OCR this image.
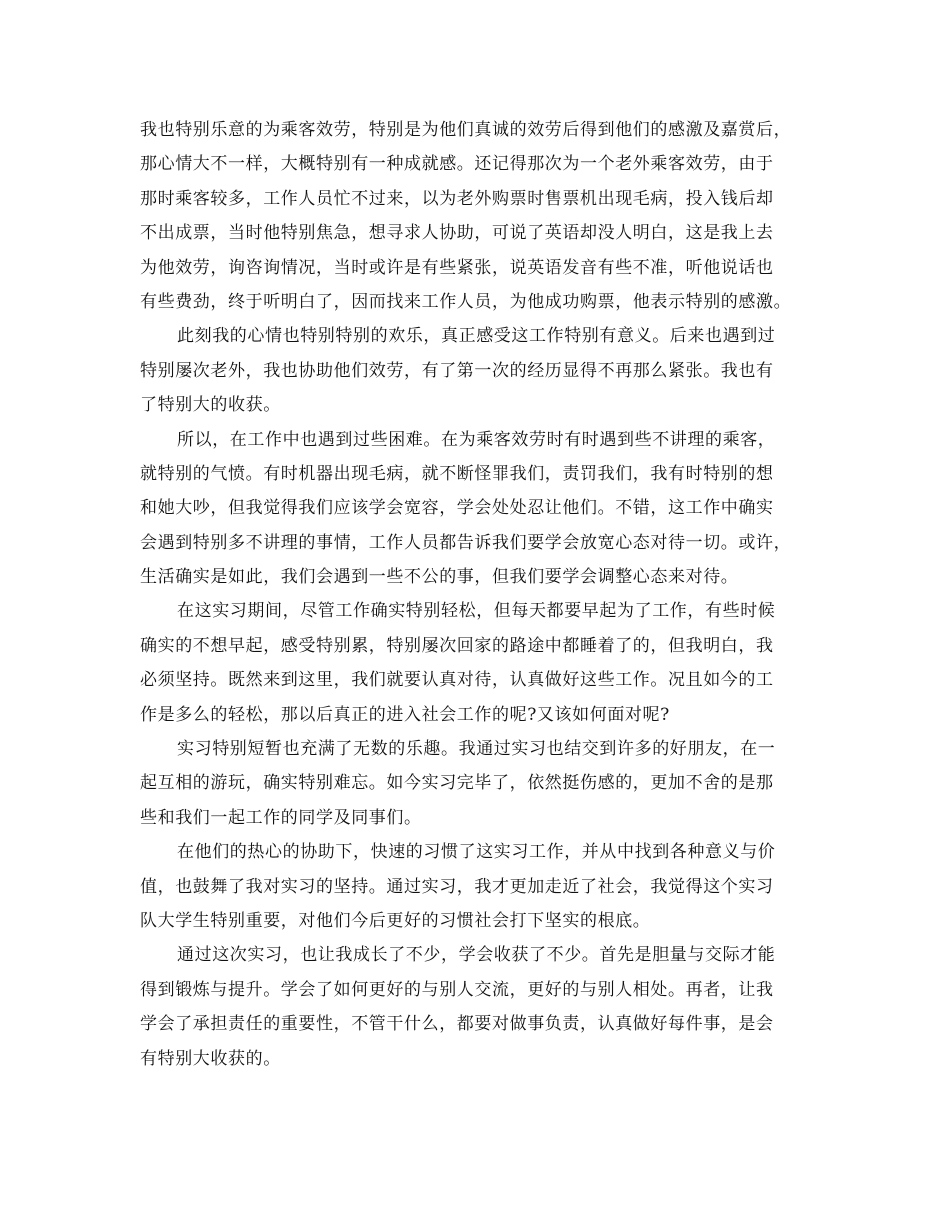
我也特别乐意的为乘客效劳，特别是为他们真诚的效劳后得到他们的感激及嘉赏后，
那心情大不一样，大概特别有一种成就感。还记得那次为一个老外乘客效劳，由于
那时乘客较多，工作人员忙不过来，以为老外购票时售票机出现毛病，投入钱后却
不出成票，当时他特别焦急，想寻求人协助，可说了英语却没人明白，这是我上去
为他效劳，询咨询情况，当时或许是有些紧张，说英语发音有些不准，听他说话也
有些费劲，终于听明白了，因而找来工作人员，为他成功购票，他表示特别的感激。
此刻我的心情也特别特别的欢乐，真正感受这工作特别有意义。后来也遇到过
特别屡次老外，我也协助他们效劳，有了第一次的经历显得不再那么紧张。我也有
了特别大的收获。
所以，在工作中也遇到过些困难。在为乘客效劳时有时遇到些不讲理的乘客，
就特别的气愤。有时机器出现毛病，就不断怪罪我们，责罚我们，我有时特别的想
和她大吵，但我觉得我们应该学会宽容，学会处处忍让他们。不错，这工作中确实
会遇到特别多不讲理的事情，工作人员都告诉我们要学会放宽心态对待一切。或许，
生活确实是如此，我们会遇到一些不公的事，但我们要学会调整心态来对待。
在这实习期间，尽管工作确实特别轻松，但每天都要早起为了工作，有些时候
确实的不想早起，感受特别累，特别屡次回家的路途中都睡着了的，但我明白，我
必须坚持。既然来到这里，我们就要认真对待，认真做好这些工作。况且如今的工
作是多么的轻松，那以后真正的进入社会工作的呢?又该如何面对呢?
实习特别短暂也充满了无数的乐趣。我通过实习也结交到许多的好朋友，在一
起互相的游玩，确实特别难忘。如今实习完毕了，依然挺伤感的，更加不舍的是那
些和我们一起工作的同学及同事们。
在他们的热心的协助下，快速的习惯了这实习工作，并从中找到各种意义与价
值，也鼓舞了我对实习的坚持。通过实习，我才更加走近了社会，我觉得这个实习
队大学生特别重要，对他们今后更好的习惯社会打下坚实的根底。
通过这次实习，也让我成长了不少，学会收获了不少。首先是胆量与交际才能
得到锻炼与提升。学会了如何更好的与别人交流，更好的与别人相处。再者，让我
学会了承担责任的重要性，不管干什么，都要对做事负责，认真做好每件事，是会
有特别大收获的。
